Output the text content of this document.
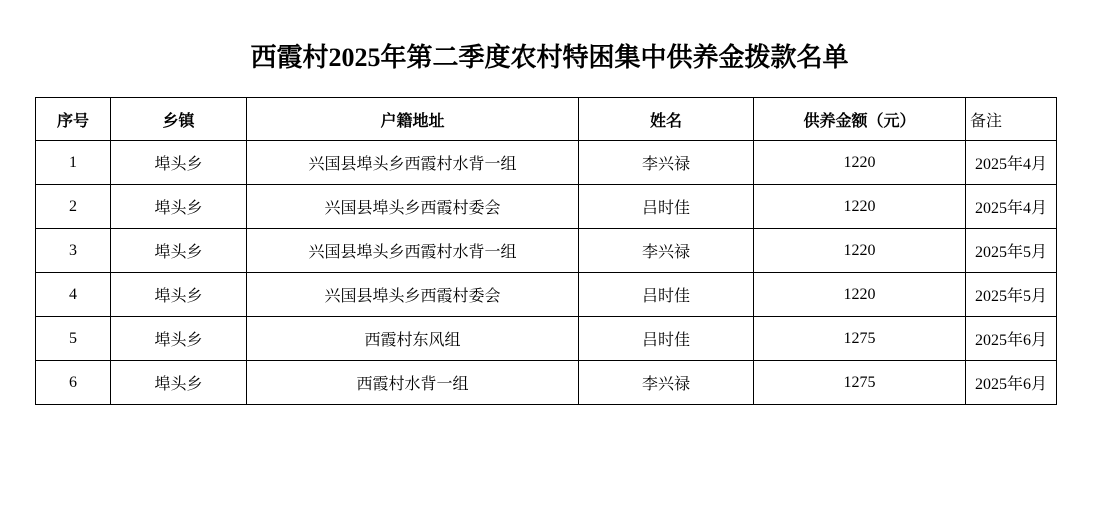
西霞村2025年第二季度农村特困集中供养金拨款名单
序号	乡镇	户籍地址	姓名	供养金额（元）	备注
1	埠头乡	兴国县埠头乡西霞村水背一组	李兴禄	1220	2025年4月
2	埠头乡	兴国县埠头乡西霞村委会	吕时佳	1220	2025年4月
3	埠头乡	兴国县埠头乡西霞村水背一组	李兴禄	1220	2025年5月
4	埠头乡	兴国县埠头乡西霞村委会	吕时佳	1220	2025年5月
5	埠头乡	西霞村东风组	吕时佳	1275	2025年6月
6	埠头乡	西霞村水背一组	李兴禄	1275	2025年6月
